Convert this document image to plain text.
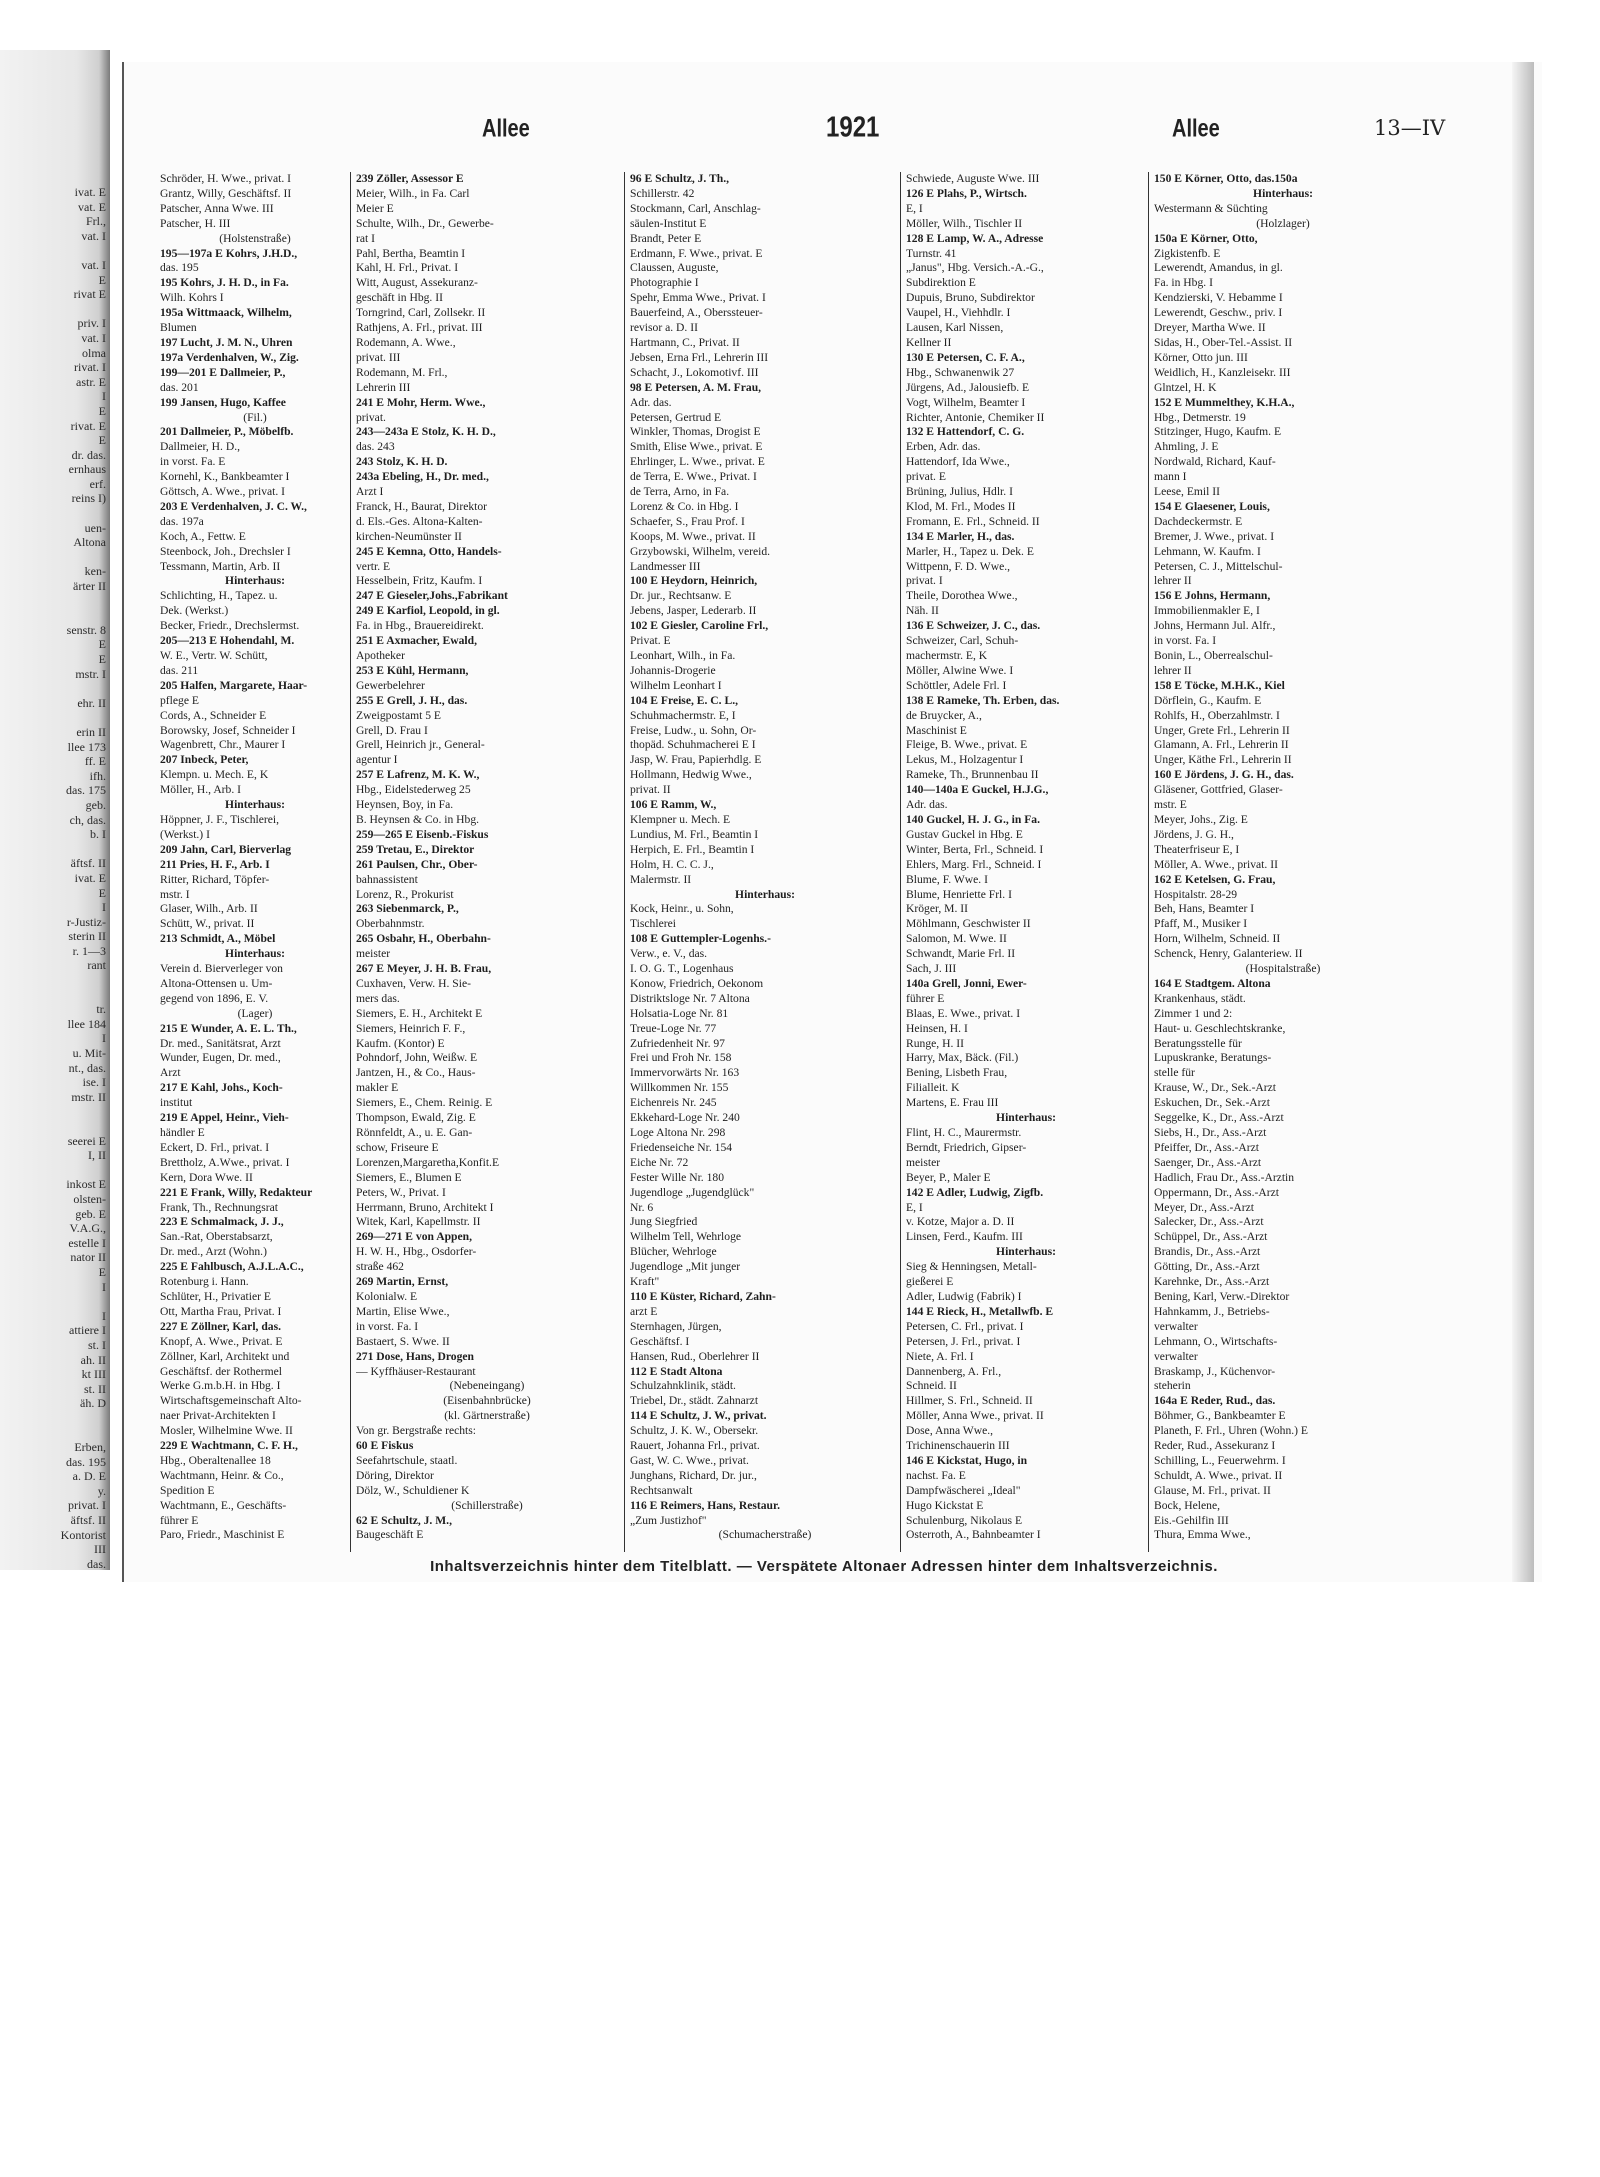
ivat. E
vat. E
Frl.,
vat. I

vat. I
E
rivat E

priv. I
vat. I
olma
rivat. I
astr. E
I
E
rivat. E
E
dr. das.
ernhaus
erf.
reins I)

uen-
Altona

ken-
ärter II

senstr. 8
E
E
mstr. I

ehr. II

erin II
llee 173
ff. E
ifh.
das. 175
geb.
ch, das.
b. I

äftsf. II
ivat. E
E
I
r-Justiz-
sterin II
r. 1—3
rant

tr.
llee 184
I
u. Mit-
nt., das.
ise. I
mstr. II

seerei E
I, II

inkost E
olsten-
geb. E
V.A.G.,
estelle I
nator II
E
I

I
attiere I
st. I
ah. II
kt III
st. II
äh. D

Erben,
das. 195
a. D. E
y.
privat. I
äftsf. II
Kontorist
III
das.

Allee	1921	Allee	13—IV
Schröder, H. Wwe., privat. I
Grantz, Willy, Geschäftsf. II
Patscher, Anna Wwe. III
Patscher, H. III
(Holstenstraße)
195—197a E Kohrs, J.H.D.,
das. 195
195 Kohrs, J. H. D., in Fa.
Wilh. Kohrs I
195a Wittmaack, Wilhelm,
Blumen
197 Lucht, J. M. N., Uhren
197a Verdenhalven, W., Zig.
199—201 E Dallmeier, P.,
das. 201
199 Jansen, Hugo, Kaffee
(Fil.)
201 Dallmeier, P., Möbelfb.
Dallmeier, H. D.,
in vorst. Fa. E
Kornehl, K., Bankbeamter I
Göttsch, A. Wwe., privat. I
203 E Verdenhalven, J. C. W.,
das. 197a
Koch, A., Fettw. E
Steenbock, Joh., Drechsler I
Tessmann, Martin, Arb. II
Hinterhaus:
Schlichting, H., Tapez. u.
Dek. (Werkst.)
Becker, Friedr., Drechslermst.
205—213 E Hohendahl, M.
W. E., Vertr. W. Schütt,
das. 211
205 Halfen, Margarete, Haar-
pflege E
Cords, A., Schneider E
Borowsky, Josef, Schneider I
Wagenbrett, Chr., Maurer I
207 Inbeck, Peter,
Klempn. u. Mech. E, K
Möller, H., Arb. I
Hinterhaus:
Höppner, J. F., Tischlerei,
(Werkst.) I
209 Jahn, Carl, Bierverlag
211 Pries, H. F., Arb. I
Ritter, Richard, Töpfer-
mstr. I
Glaser, Wilh., Arb. II
Schütt, W., privat. II
213 Schmidt, A., Möbel
Hinterhaus:
Verein d. Bierverleger von
Altona-Ottensen u. Um-
gegend von 1896, E. V.
(Lager)
215 E Wunder, A. E. L. Th.,
Dr. med., Sanitätsrat, Arzt
Wunder, Eugen, Dr. med.,
Arzt
217 E Kahl, Johs., Koch-
institut
219 E Appel, Heinr., Vieh-
händler E
Eckert, D. Frl., privat. I
Brettholz, A.Wwe., privat. I
Kern, Dora Wwe. II
221 E Frank, Willy, Redakteur
Frank, Th., Rechnungsrat
223 E Schmalmack, J. J.,
San.-Rat, Oberstabsarzt,
Dr. med., Arzt (Wohn.)
225 E Fahlbusch, A.J.L.A.C.,
Rotenburg i. Hann.
Schlüter, H., Privatier E
Ott, Martha Frau, Privat. I
227 E Zöllner, Karl, das.
Knopf, A. Wwe., Privat. E
Zöllner, Karl, Architekt und
Geschäftsf. der Rothermel
Werke G.m.b.H. in Hbg. I
Wirtschaftsgemeinschaft Alto-
naer Privat-Architekten I
Mosler, Wilhelmine Wwe. II
229 E Wachtmann, C. F. H.,
Hbg., Oberaltenallee 18
Wachtmann, Heinr. & Co.,
Spedition E
Wachtmann, E., Geschäfts-
führer E
Paro, Friedr., Maschinist E
239 Zöller, Assessor E
Meier, Wilh., in Fa. Carl
Meier E
Schulte, Wilh., Dr., Gewerbe-
rat I
Pahl, Bertha, Beamtin I
Kahl, H. Frl., Privat. I
Witt, August, Assekuranz-
geschäft in Hbg. II
Torngrind, Carl, Zollsekr. II
Rathjens, A. Frl., privat. III
Rodemann, A. Wwe.,
privat. III
Rodemann, M. Frl.,
Lehrerin III
241 E Mohr, Herm. Wwe.,
privat.
243—243a E Stolz, K. H. D.,
das. 243
243 Stolz, K. H. D.
243a Ebeling, H., Dr. med.,
Arzt I
Franck, H., Baurat, Direktor
d. Els.-Ges. Altona-Kalten-
kirchen-Neumünster II
245 E Kemna, Otto, Handels-
vertr. E
Hesselbein, Fritz, Kaufm. I
247 E Gieseler,Johs.,Fabrikant
249 E Karfiol, Leopold, in gl.
Fa. in Hbg., Brauereidirekt.
251 E Axmacher, Ewald,
Apotheker
253 E Kühl, Hermann,
Gewerbelehrer
255 E Grell, J. H., das.
Zweigpostamt 5 E
Grell, D. Frau I
Grell, Heinrich jr., General-
agentur I
257 E Lafrenz, M. K. W.,
Hbg., Eidelstederweg 25
Heynsen, Boy, in Fa.
B. Heynsen & Co. in Hbg.
259—265 E Eisenb.-Fiskus
259 Tretau, E., Direktor
261 Paulsen, Chr., Ober-
bahnassistent
Lorenz, R., Prokurist
263 Siebenmarck, P.,
Oberbahnmstr.
265 Osbahr, H., Oberbahn-
meister
267 E Meyer, J. H. B. Frau,
Cuxhaven, Verw. H. Sie-
mers das.
Siemers, E. H., Architekt E
Siemers, Heinrich F. F.,
Kaufm. (Kontor) E
Pohndorf, John, Weißw. E
Jantzen, H., & Co., Haus-
makler E
Siemers, E., Chem. Reinig. E
Thompson, Ewald, Zig. E
Rönnfeldt, A., u. E. Gan-
schow, Friseure E
Lorenzen,Margaretha,Konfit.E
Siemers, E., Blumen E
Peters, W., Privat. I
Herrmann, Bruno, Architekt I
Witek, Karl, Kapellmstr. II
269—271 E von Appen,
H. W. H., Hbg., Osdorfer-
straße 462
269 Martin, Ernst,
Kolonialw. E
Martin, Elise Wwe.,
in vorst. Fa. I
Bastaert, S. Wwe. II
271 Dose, Hans, Drogen
— Kyffhäuser-Restaurant
(Nebeneingang)
(Eisenbahnbrücke)
(kl. Gärtnerstraße)
Von gr. Bergstraße rechts:
60 E Fiskus
Seefahrtschule, staatl.
Döring, Direktor
Dölz, W., Schuldiener K
(Schillerstraße)
62 E Schultz, J. M.,
Baugeschäft E
96 E Schultz, J. Th.,
Schillerstr. 42
Stockmann, Carl, Anschlag-
säulen-Institut E
Brandt, Peter E
Erdmann, F. Wwe., privat. E
Claussen, Auguste,
Photographie I
Spehr, Emma Wwe., Privat. I
Bauerfeind, A., Oberssteuer-
revisor a. D. II
Hartmann, C., Privat. II
Jebsen, Erna Frl., Lehrerin III
Schacht, J., Lokomotivf. III
98 E Petersen, A. M. Frau,
Adr. das.
Petersen, Gertrud E
Winkler, Thomas, Drogist E
Smith, Elise Wwe., privat. E
Ehrlinger, L. Wwe., privat. E
de Terra, E. Wwe., Privat. I
de Terra, Arno, in Fa.
Lorenz & Co. in Hbg. I
Schaefer, S., Frau Prof. I
Koops, M. Wwe., privat. II
Grzybowski, Wilhelm, vereid.
Landmesser III
100 E Heydorn, Heinrich,
Dr. jur., Rechtsanw. E
Jebens, Jasper, Lederarb. II
102 E Giesler, Caroline Frl.,
Privat. E
Leonhart, Wilh., in Fa.
Johannis-Drogerie
Wilhelm Leonhart I
104 E Freise, E. C. L.,
Schuhmachermstr. E, I
Freise, Ludw., u. Sohn, Or-
thopäd. Schuhmacherei E I
Jasp, W. Frau, Papierhdlg. E
Hollmann, Hedwig Wwe.,
privat. II
106 E Ramm, W.,
Klempner u. Mech. E
Lundius, M. Frl., Beamtin I
Herpich, E. Frl., Beamtin I
Holm, H. C. C. J.,
Malermstr. II
Hinterhaus:
Kock, Heinr., u. Sohn,
Tischlerei
108 E Guttempler-Logenhs.-
Verw., e. V., das.
I. O. G. T., Logenhaus
Konow, Friedrich, Oekonom
Distriktsloge Nr. 7 Altona
Holsatia-Loge Nr. 81
Treue-Loge Nr. 77
Zufriedenheit Nr. 97
Frei und Froh Nr. 158
Immervorwärts Nr. 163
Willkommen Nr. 155
Eichenreis Nr. 245
Ekkehard-Loge Nr. 240
Loge Altona Nr. 298
Friedenseiche Nr. 154
Eiche Nr. 72
Fester Wille Nr. 180
Jugendloge „Jugendglück"
Nr. 6
Jung Siegfried
Wilhelm Tell, Wehrloge
Blücher, Wehrloge
Jugendloge „Mit junger
Kraft"
110 E Küster, Richard, Zahn-
arzt E
Sternhagen, Jürgen,
Geschäftsf. I
Hansen, Rud., Oberlehrer II
112 E Stadt Altona
Schulzahnklinik, städt.
Triebel, Dr., städt. Zahnarzt
114 E Schultz, J. W., privat.
Schultz, J. K. W., Obersekr.
Rauert, Johanna Frl., privat.
Gast, W. C. Wwe., privat.
Junghans, Richard, Dr. jur.,
Rechtsanwalt
116 E Reimers, Hans, Restaur.
„Zum Justizhof"
(Schumacherstraße)
Schwiede, Auguste Wwe. III
126 E Plahs, P., Wirtsch.
E, I
Möller, Wilh., Tischler II
128 E Lamp, W. A., Adresse
Turnstr. 41
„Janus", Hbg. Versich.-A.-G.,
Subdirektion E
Dupuis, Bruno, Subdirektor
Vaupel, H., Viehhdlr. I
Lausen, Karl Nissen,
Kellner II
130 E Petersen, C. F. A.,
Hbg., Schwanenwik 27
Jürgens, Ad., Jalousiefb. E
Vogt, Wilhelm, Beamter I
Richter, Antonie, Chemiker II
132 E Hattendorf, C. G.
Erben, Adr. das.
Hattendorf, Ida Wwe.,
privat. E
Brüning, Julius, Hdlr. I
Klod, M. Frl., Modes II
Fromann, E. Frl., Schneid. II
134 E Marler, H., das.
Marler, H., Tapez u. Dek. E
Wittpenn, F. D. Wwe.,
privat. I
Theile, Dorothea Wwe.,
Näh. II
136 E Schweizer, J. C., das.
Schweizer, Carl, Schuh-
machermstr. E, K
Möller, Alwine Wwe. I
Schöttler, Adele Frl. I
138 E Rameke, Th. Erben, das.
de Bruycker, A.,
Maschinist E
Fleige, B. Wwe., privat. E
Lekus, M., Holzagentur I
Rameke, Th., Brunnenbau II
140—140a E Guckel, H.J.G.,
Adr. das.
140 Guckel, H. J. G., in Fa.
Gustav Guckel in Hbg. E
Winter, Berta, Frl., Schneid. I
Ehlers, Marg. Frl., Schneid. I
Blume, F. Wwe. I
Blume, Henriette Frl. I
Kröger, M. II
Möhlmann, Geschwister II
Salomon, M. Wwe. II
Schwandt, Marie Frl. II
Sach, J. III
140a Grell, Jonni, Ewer-
führer E
Blaas, E. Wwe., privat. I
Heinsen, H. I
Runge, H. II
Harry, Max, Bäck. (Fil.)
Bening, Lisbeth Frau,
Filialleit. K
Martens, E. Frau III
Hinterhaus:
Flint, H. C., Maurermstr.
Berndt, Friedrich, Gipser-
meister
Beyer, P., Maler E
142 E Adler, Ludwig, Zigfb.
E, I
v. Kotze, Major a. D. II
Linsen, Ferd., Kaufm. III
Hinterhaus:
Sieg & Henningsen, Metall-
gießerei E
Adler, Ludwig (Fabrik) I
144 E Rieck, H., Metallwfb. E
Petersen, C. Frl., privat. I
Petersen, J. Frl., privat. I
Niete, A. Frl. I
Dannenberg, A. Frl.,
Schneid. II
Hillmer, S. Frl., Schneid. II
Möller, Anna Wwe., privat. II
Dose, Anna Wwe.,
Trichinenschauerin III
146 E Kickstat, Hugo, in
nachst. Fa. E
Dampfwäscherei „Ideal"
Hugo Kickstat E
Schulenburg, Nikolaus E
Osterroth, A., Bahnbeamter I
150 E Körner, Otto, das.150a
Hinterhaus:
Westermann & Süchting
(Holzlager)
150a E Körner, Otto,
Zigkistenfb. E
Lewerendt, Amandus, in gl.
Fa. in Hbg. I
Kendzierski, V. Hebamme I
Lewerendt, Geschw., priv. I
Dreyer, Martha Wwe. II
Sidas, H., Ober-Tel.-Assist. II
Körner, Otto jun. III
Weidlich, H., Kanzleisekr. III
Glntzel, H. K
152 E Mummelthey, K.H.A.,
Hbg., Detmerstr. 19
Stitzinger, Hugo, Kaufm. E
Ahmling, J. E
Nordwald, Richard, Kauf-
mann I
Leese, Emil II
154 E Glaesener, Louis,
Dachdeckermstr. E
Bremer, J. Wwe., privat. I
Lehmann, W. Kaufm. I
Petersen, C. J., Mittelschul-
lehrer II
156 E Johns, Hermann,
Immobilienmakler E, I
Johns, Hermann Jul. Alfr.,
in vorst. Fa. I
Bonin, L., Oberrealschul-
lehrer II
158 E Töcke, M.H.K., Kiel
Dörflein, G., Kaufm. E
Rohlfs, H., Oberzahlmstr. I
Unger, Grete Frl., Lehrerin II
Glamann, A. Frl., Lehrerin II
Unger, Käthe Frl., Lehrerin II
160 E Jördens, J. G. H., das.
Gläsener, Gottfried, Glaser-
mstr. E
Meyer, Johs., Zig. E
Jördens, J. G. H.,
Theaterfriseur E, I
Möller, A. Wwe., privat. II
162 E Ketelsen, G. Frau,
Hospitalstr. 28-29
Beh, Hans, Beamter I
Pfaff, M., Musiker I
Horn, Wilhelm, Schneid. II
Schenck, Henry, Galanteriew. II
(Hospitalstraße)
164 E Stadtgem. Altona
Krankenhaus, städt.
Zimmer 1 und 2:
Haut- u. Geschlechtskranke,
Beratungsstelle für
Lupuskranke, Beratungs-
stelle für
Krause, W., Dr., Sek.-Arzt
Eskuchen, Dr., Sek.-Arzt
Seggelke, K., Dr., Ass.-Arzt
Siebs, H., Dr., Ass.-Arzt
Pfeiffer, Dr., Ass.-Arzt
Saenger, Dr., Ass.-Arzt
Hadlich, Frau Dr., Ass.-Arztin
Oppermann, Dr., Ass.-Arzt
Meyer, Dr., Ass.-Arzt
Salecker, Dr., Ass.-Arzt
Schüppel, Dr., Ass.-Arzt
Brandis, Dr., Ass.-Arzt
Götting, Dr., Ass.-Arzt
Karehnke, Dr., Ass.-Arzt
Bening, Karl, Verw.-Direktor
Hahnkamm, J., Betriebs-
verwalter
Lehmann, O., Wirtschafts-
verwalter
Braskamp, J., Küchenvor-
steherin
164a E Reder, Rud., das.
Böhmer, G., Bankbeamter E
Planeth, F. Frl., Uhren (Wohn.) E
Reder, Rud., Assekuranz I
Schilling, L., Feuerwehrm. I
Schuldt, A. Wwe., privat. II
Glause, M. Frl., privat. II
Bock, Helene,
Eis.-Gehilfin III
Thura, Emma Wwe.,
Inhaltsverzeichnis hinter dem Titelblatt. — Verspätete Altonaer Adressen hinter dem Inhaltsverzeichnis.
